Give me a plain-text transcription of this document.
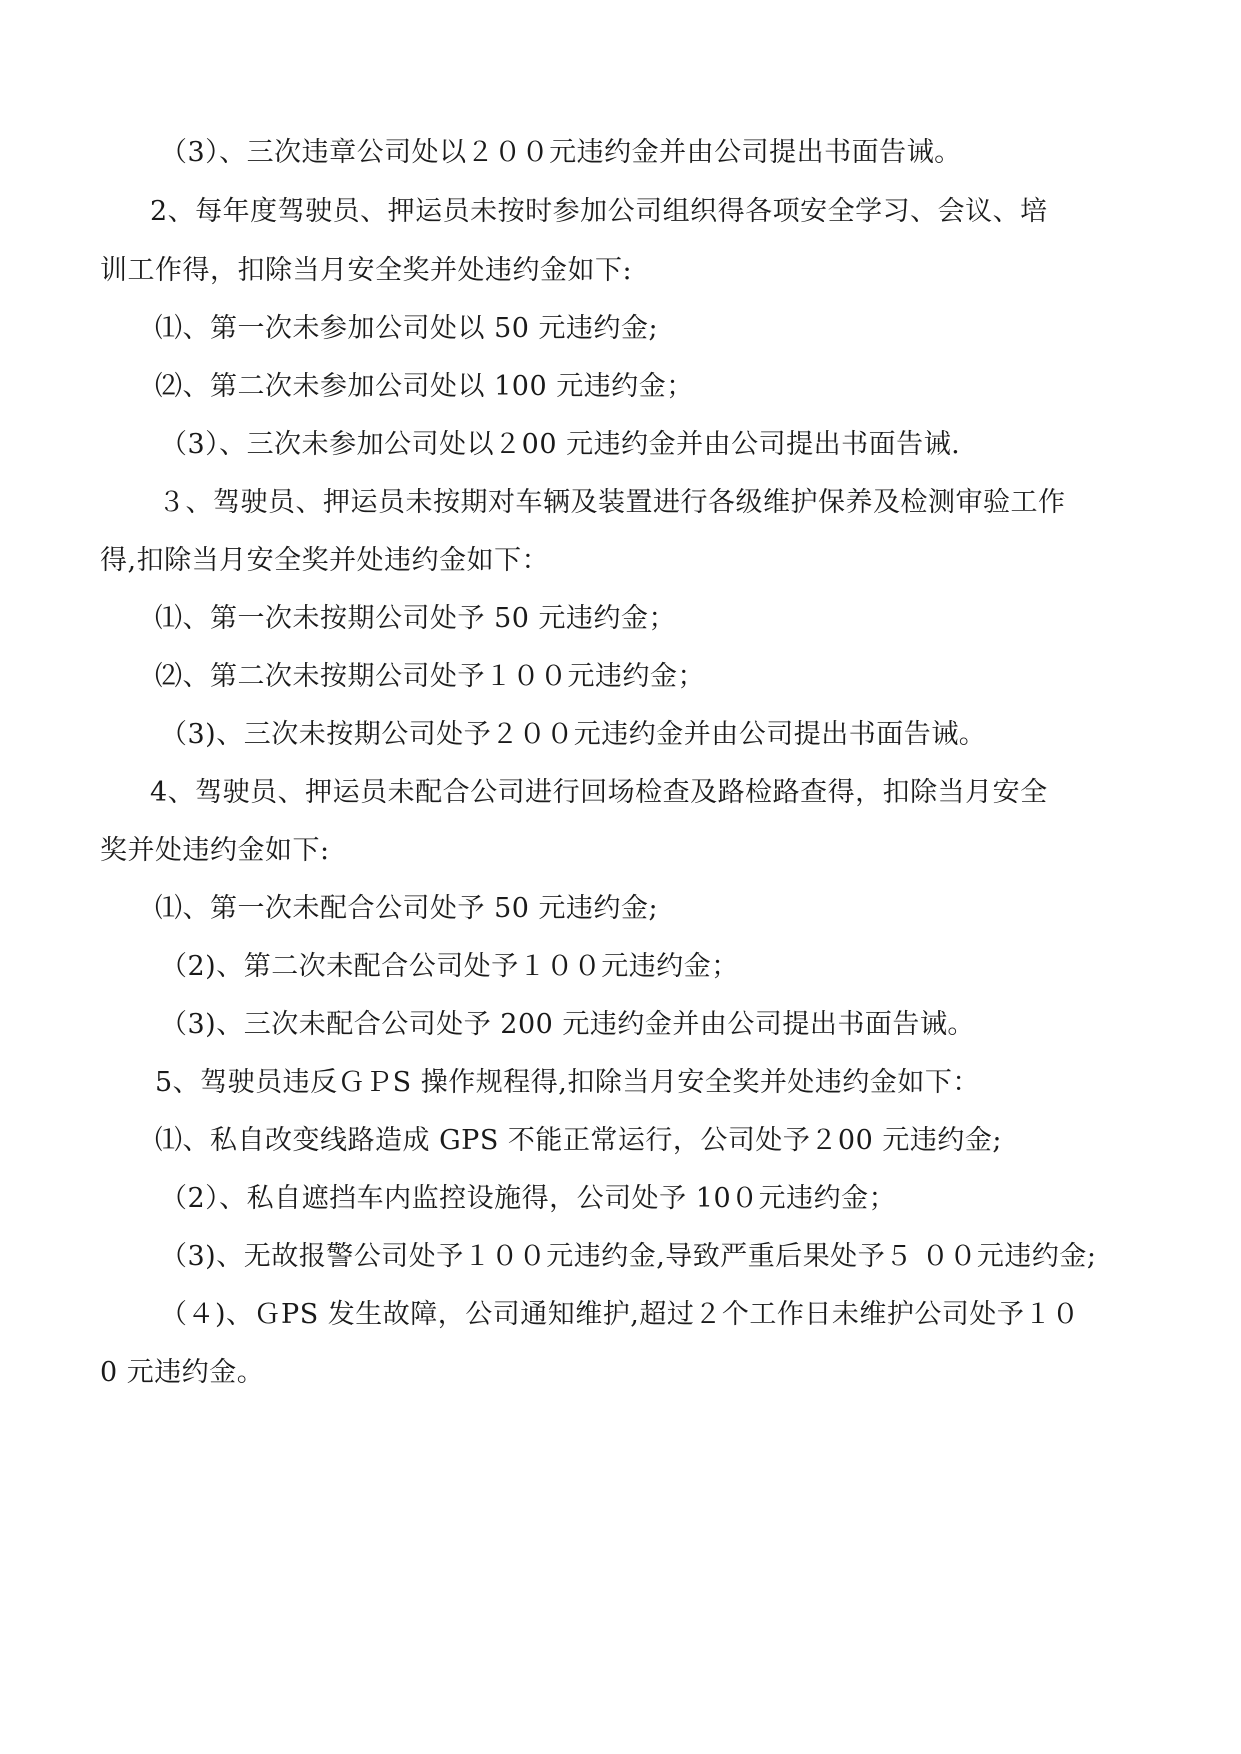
（3）、三次违章公司处以２００元违约金并由公司提出书面告诫。
2、每年度驾驶员、押运员未按时参加公司组织得各项安全学习、会议、培
训工作得，扣除当月安全奖并处违约金如下:
⑴、第一次未参加公司处以 50 元违约金;
⑵、第二次未参加公司处以 100 元违约金；
（3）、三次未参加公司处以２00 元违约金并由公司提出书面告诫.
３、驾驶员、押运员未按期对车辆及装置进行各级维护保养及检测审验工作
得,扣除当月安全奖并处违约金如下：
⑴、第一次未按期公司处予 50 元违约金；
⑵、第二次未按期公司处予１００元违约金；
（3)、三次未按期公司处予２００元违约金并由公司提出书面告诫。
4、驾驶员、押运员未配合公司进行回场检查及路检路查得，扣除当月安全
奖并处违约金如下:
⑴、第一次未配合公司处予 50 元违约金;
（2)、第二次未配合公司处予１００元违约金；
（3)、三次未配合公司处予 200 元违约金并由公司提出书面告诫。
5、驾驶员违反ＧＰS 操作规程得,扣除当月安全奖并处违约金如下：
⑴、私自改变线路造成 GPS 不能正常运行，公司处予２00 元违约金;
（2）、私自遮挡车内监控设施得，公司处予 10０元违约金；
（3)、无故报警公司处予１００元违约金,导致严重后果处予５ ００元违约金;
（４)、ＧPS 发生故障，公司通知维护,超过２个工作日未维护公司处予１０
0 元违约金。
